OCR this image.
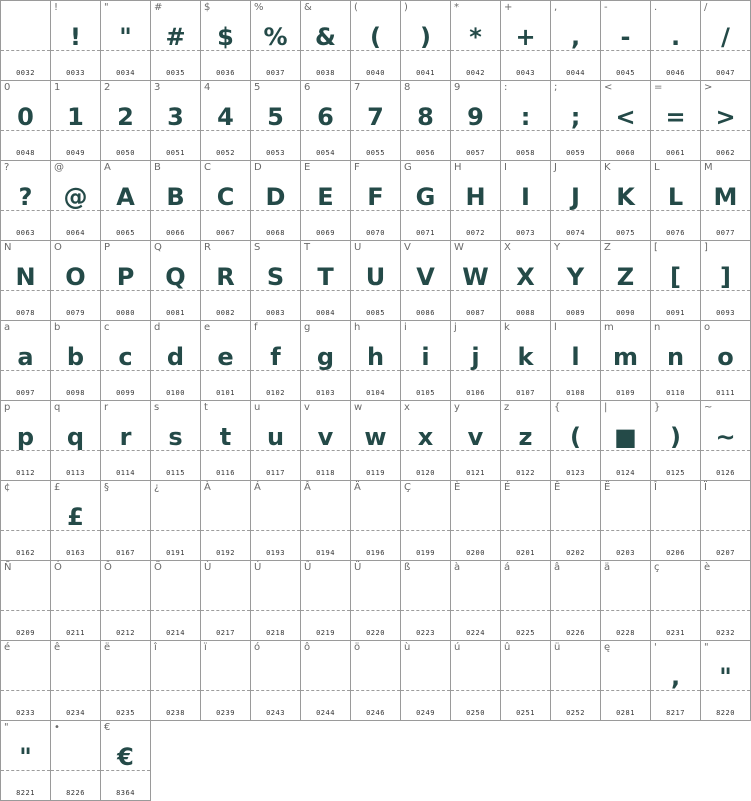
0032
!
!
0033
"
"
0034
#
#
0035
$
$
0036
%
%
0037
&
&
0038
(
(
0040
)
)
0041
*
*
0042
+
+
0043
,
,
0044
-
-
0045
.
.
0046
/
/
0047
0
0
0048
1
1
0049
2
2
0050
3
3
0051
4
4
0052
5
5
0053
6
6
0054
7
7
0055
8
8
0056
9
9
0057
:
:
0058
;
;
0059
<
<
0060
=
=
0061
>
>
0062
?
?
0063
@
@
0064
A
A
0065
B
B
0066
C
C
0067
D
D
0068
E
E
0069
F
F
0070
G
G
0071
H
H
0072
I
I
0073
J
J
0074
K
K
0075
L
L
0076
M
M
0077
N
N
0078
O
O
0079
P
P
0080
Q
Q
0081
R
R
0082
S
S
0083
T
T
0084
U
U
0085
V
V
0086
W
W
0087
X
X
0088
Y
Y
0089
Z
Z
0090
[
[
0091
]
]
0093
a
a
0097
b
b
0098
c
c
0099
d
d
0100
e
e
0101
f
f
0102
g
g
0103
h
h
0104
i
i
0105
j
j
0106
k
k
0107
l
l
0108
m
m
0109
n
n
0110
o
o
0111
p
p
0112
q
q
0113
r
r
0114
s
s
0115
t
t
0116
u
u
0117
v
v
0118
w
w
0119
x
x
0120
y
v
0121
z
z
0122
{
(
0123
|
■
0124
}
)
0125
~
~
0126
¢
0162
£
£
0163
§
0167
¿
0191
À
0192
Á
0193
Â
0194
Ä
0196
Ç
0199
È
0200
É
0201
Ê
0202
Ë
0203
Î
0206
Ï
0207
Ñ
0209
Ó
0211
Ô
0212
Ö
0214
Ù
0217
Ú
0218
Û
0219
Ü
0220
ß
0223
à
0224
á
0225
â
0226
ä
0228
ç
0231
è
0232
é
0233
ê
0234
ë
0235
î
0238
ï
0239
ó
0243
ô
0244
ö
0246
ù
0249
ú
0250
û
0251
ü
0252
ę
0281
'
,
8217
"
"
8220
"
"
8221
•
8226
€
€
8364
